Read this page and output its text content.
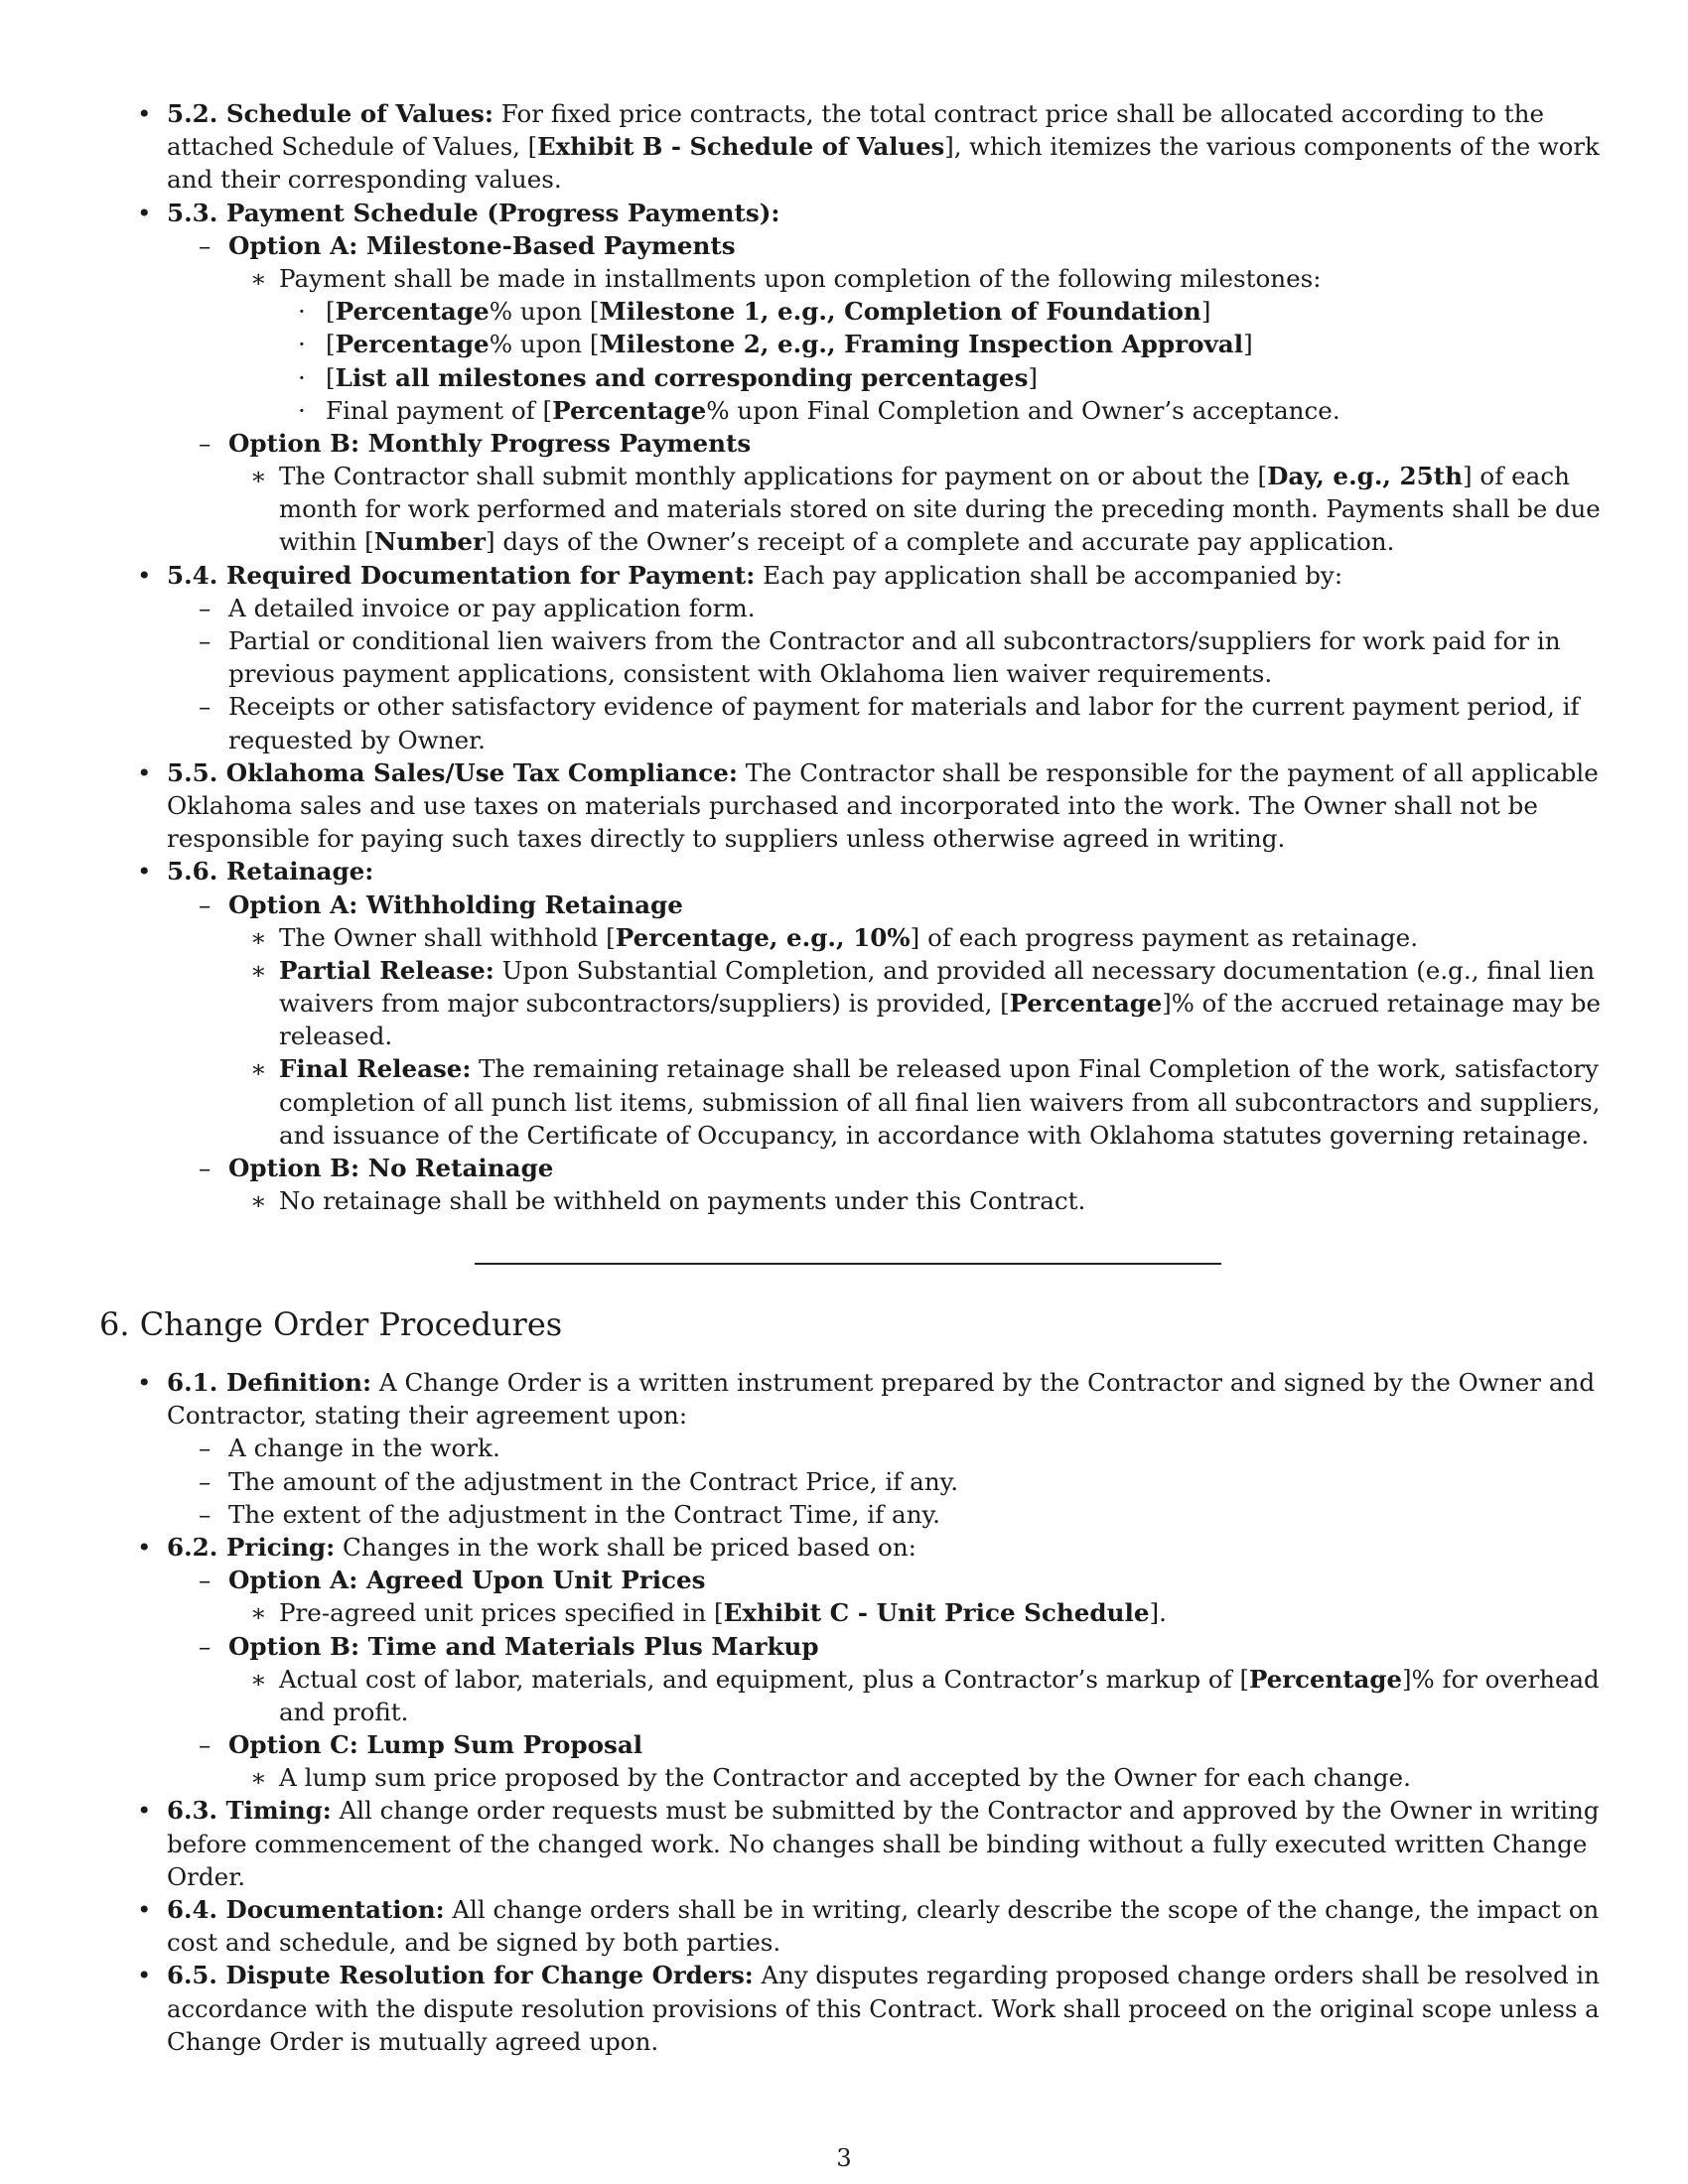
• 5.2. Schedule of Values: For fixed price contracts, the total contract price shall be allocated according to the
attached Schedule of Values, [Exhibit B - Schedule of Values], which itemizes the various components of the work
and their corresponding values.
• 5.3. Payment Schedule (Progress Payments):
– Option A: Milestone-Based Payments
∗ Payment shall be made in installments upon completion of the following milestones:
· [Percentage% upon [Milestone 1, e.g., Completion of Foundation]
· [Percentage% upon [Milestone 2, e.g., Framing Inspection Approval]
· [List all milestones and corresponding percentages]
· Final payment of [Percentage% upon Final Completion and Owner’s acceptance.
– Option B: Monthly Progress Payments
∗ The Contractor shall submit monthly applications for payment on or about the [Day, e.g., 25th] of each
month for work performed and materials stored on site during the preceding month. Payments shall be due
within [Number] days of the Owner’s receipt of a complete and accurate pay application.
• 5.4. Required Documentation for Payment: Each pay application shall be accompanied by:
– A detailed invoice or pay application form.
– Partial or conditional lien waivers from the Contractor and all subcontractors/suppliers for work paid for in
previous payment applications, consistent with Oklahoma lien waiver requirements.
– Receipts or other satisfactory evidence of payment for materials and labor for the current payment period, if
requested by Owner.
• 5.5. Oklahoma Sales/Use Tax Compliance: The Contractor shall be responsible for the payment of all applicable
Oklahoma sales and use taxes on materials purchased and incorporated into the work. The Owner shall not be
responsible for paying such taxes directly to suppliers unless otherwise agreed in writing.
• 5.6. Retainage:
– Option A: Withholding Retainage
∗ The Owner shall withhold [Percentage, e.g., 10%] of each progress payment as retainage.
∗ Partial Release: Upon Substantial Completion, and provided all necessary documentation (e.g., final lien
waivers from major subcontractors/suppliers) is provided, [Percentage]% of the accrued retainage may be
released.
∗ Final Release: The remaining retainage shall be released upon Final Completion of the work, satisfactory
completion of all punch list items, submission of all final lien waivers from all subcontractors and suppliers,
and issuance of the Certificate of Occupancy, in accordance with Oklahoma statutes governing retainage.
– Option B: No Retainage
∗ No retainage shall be withheld on payments under this Contract.
6. Change Order Procedures
• 6.1. Definition: A Change Order is a written instrument prepared by the Contractor and signed by the Owner and
Contractor, stating their agreement upon:
– A change in the work.
– The amount of the adjustment in the Contract Price, if any.
– The extent of the adjustment in the Contract Time, if any.
• 6.2. Pricing: Changes in the work shall be priced based on:
– Option A: Agreed Upon Unit Prices
∗ Pre-agreed unit prices specified in [Exhibit C - Unit Price Schedule].
– Option B: Time and Materials Plus Markup
∗ Actual cost of labor, materials, and equipment, plus a Contractor’s markup of [Percentage]% for overhead
and profit.
– Option C: Lump Sum Proposal
∗ A lump sum price proposed by the Contractor and accepted by the Owner for each change.
• 6.3. Timing: All change order requests must be submitted by the Contractor and approved by the Owner in writing
before commencement of the changed work. No changes shall be binding without a fully executed written Change
Order.
• 6.4. Documentation: All change orders shall be in writing, clearly describe the scope of the change, the impact on
cost and schedule, and be signed by both parties.
• 6.5. Dispute Resolution for Change Orders: Any disputes regarding proposed change orders shall be resolved in
accordance with the dispute resolution provisions of this Contract. Work shall proceed on the original scope unless a
Change Order is mutually agreed upon.
3
